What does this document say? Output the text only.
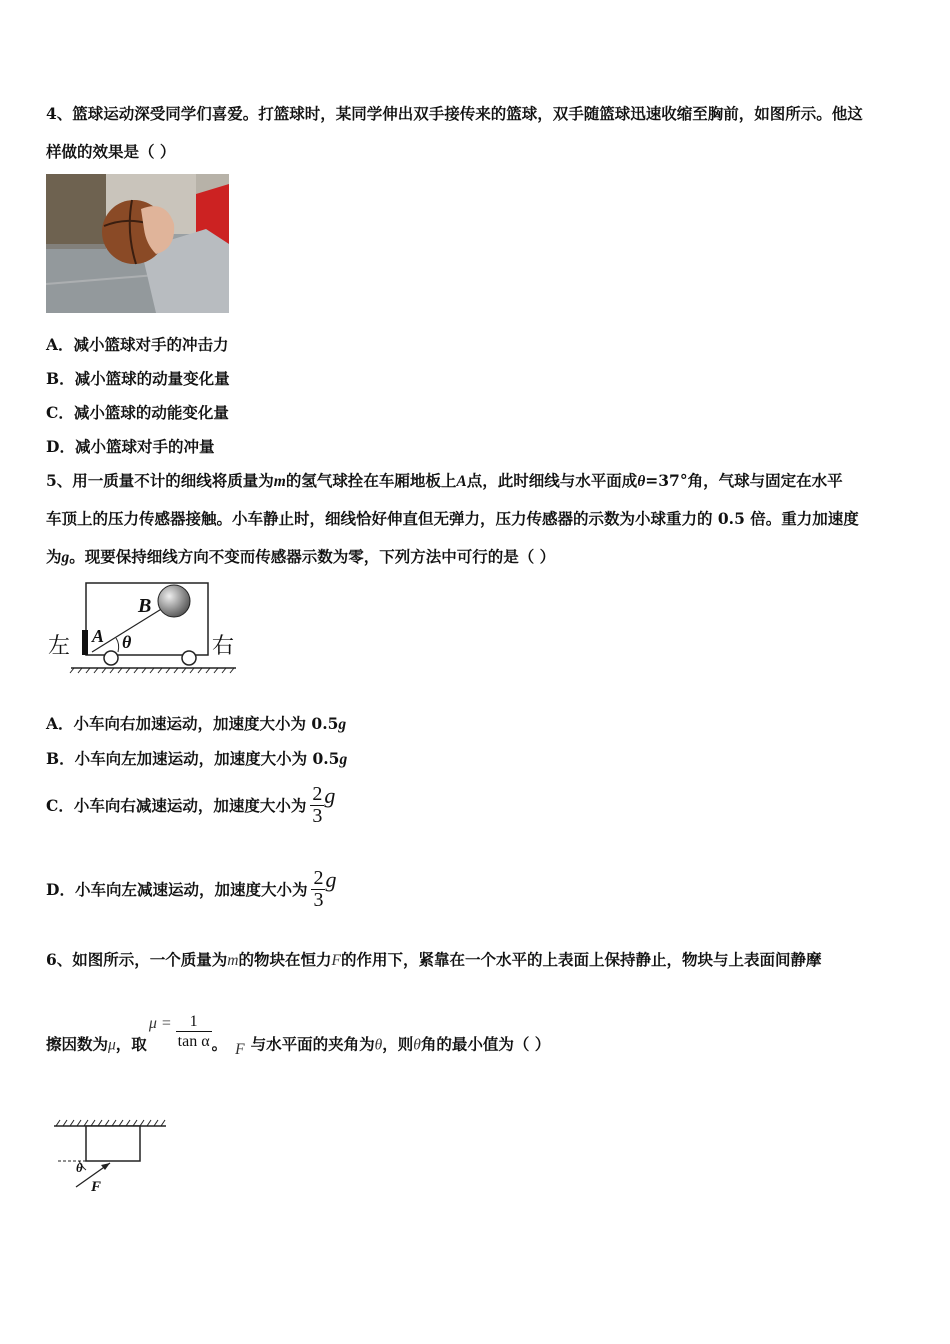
4、篮球运动深受同学们喜爱。打篮球时，某同学伸出双手接传来的篮球，双手随篮球迅速收缩至胸前，如图所示。他这
样做的效果是（ ）
A．减小篮球对手的冲击力
B．减小篮球的动量变化量
C．减小篮球的动能变化量
D．减小篮球对手的冲量
5、用一质量不计的细线将质量为m的氢气球拴在车厢地板上A点，此时细线与水平面成θ=37°角，气球与固定在水平
车顶上的压力传感器接触。小车静止时，细线恰好伸直但无弹力，压力传感器的示数为小球重力的 0.5 倍。重力加速度
为g。现要保持细线方向不变而传感器示数为零，下列方法中可行的是（ ）
左	右
A
B
θ
A．小车向右加速运动，加速度大小为 0.5g
B．小车向左加速运动，加速度大小为 0.5g
C．小车向右减速运动，加速度大小为 $\frac{2}{3}$ g
D．小车向左减速运动，加速度大小为 $\frac{2}{3}$ g
6、如图所示，一个质量为m的物块在恒力F的作用下，紧靠在一个水平的上表面上保持静止，物块与上表面间静摩
擦因数为μ，取$\mu = \frac{1}{\text{tan α}}$ 。 F 与水平面的夹角为θ，则θ角的最小值为（ ）
θ
F
